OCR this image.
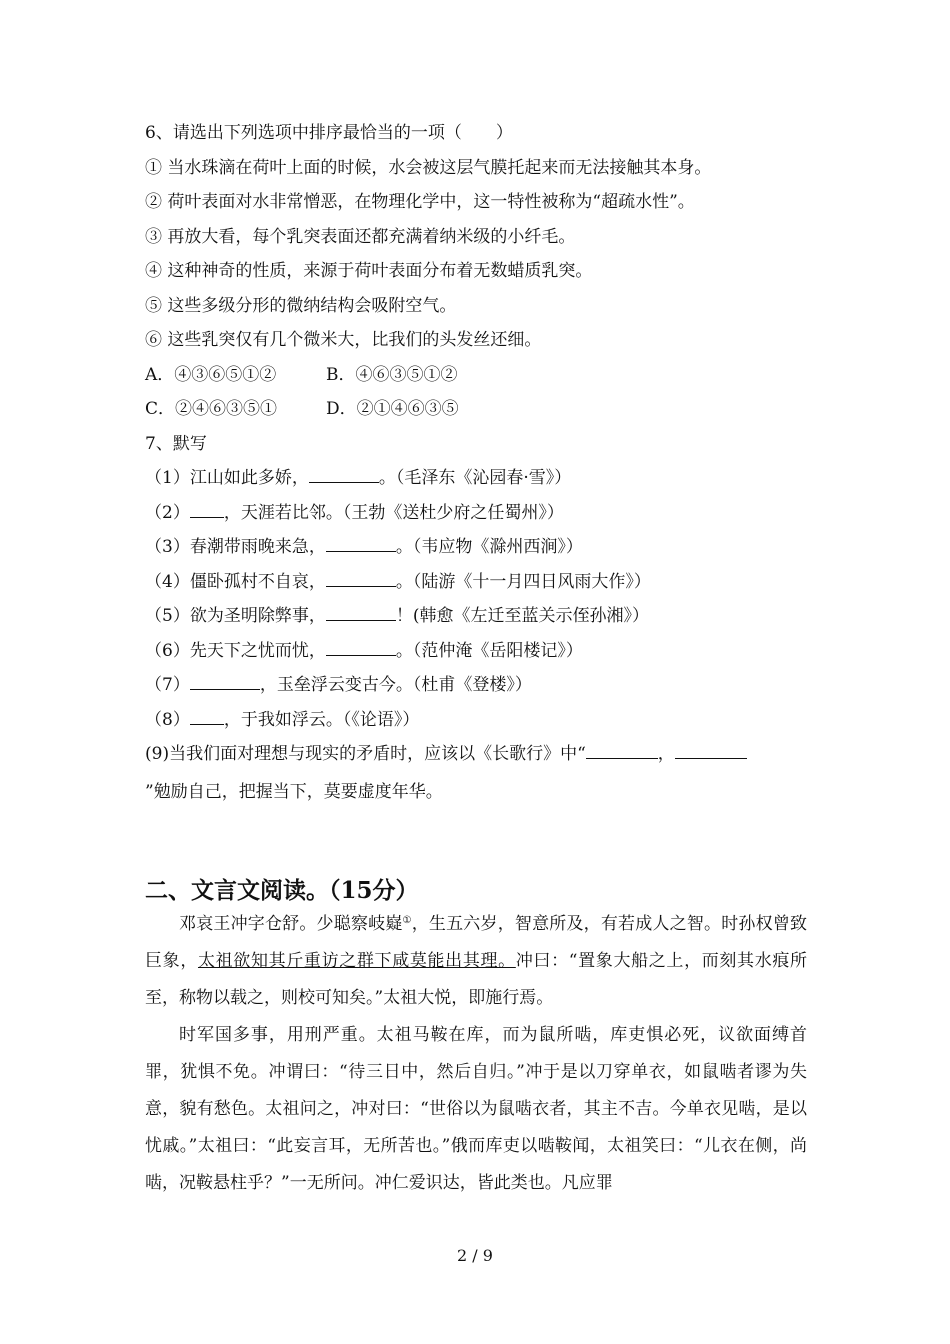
6、请选出下列选项中排序最恰当的一项（　　）
① 当水珠滴在荷叶上面的时候，水会被这层气膜托起来而无法接触其本身。
② 荷叶表面对水非常憎恶，在物理化学中，这一特性被称为“超疏水性”。
③ 再放大看，每个乳突表面还都充满着纳米级的小纤毛。
④ 这种神奇的性质，来源于荷叶表面分布着无数蜡质乳突。
⑤ 这些多级分形的微纳结构会吸附空气。
⑥ 这些乳突仅有几个微米大，比我们的头发丝还细。
A．④③⑥⑤①②	B．④⑥③⑤①②
C．②④⑥③⑤①	D．②①④⑥③⑤
7、默写
（1）江山如此多娇，	。（毛泽东《沁园春·雪》）
（2） ，天涯若比邻。（王勃《送杜少府之任蜀州》）
（3）春潮带雨晚来急，	。（韦应物《滁州西涧》）
（4）僵卧孤村不自哀，	。（陆游《十一月四日风雨大作》）
（5）欲为圣明除弊事，	！(韩愈《左迁至蓝关示侄孙湘》）
（6）先天下之忧而忧，	。（范仲淹《岳阳楼记》）
（7）	，玉垒浮云变古今。（杜甫《登楼》）
（8） ，于我如浮云。（《论语》）
(9)当我们面对理想与现实的矛盾时，应该以《长歌行》中“	，
”勉励自己，把握当下，莫要虚度年华。
二、文言文阅读。（15分）

邓哀王冲字仓舒。少聪察岐嶷①，生五六岁，智意所及，有若成人之智。时孙权曾致巨象，太祖欲知其斤重访之群下咸莫能出其理。冲曰：“置象大船之上，而刻其水痕所至，称物以载之，则校可知矣。”太祖大悦，即施行焉。

时军国多事，用刑严重。太祖马鞍在库，而为鼠所啮，库吏惧必死，议欲面缚首罪，犹惧不免。冲谓曰：“待三日中，然后自归。”冲于是以刀穿单衣，如鼠啮者谬为失意，貌有愁色。太祖问之，冲对曰：“世俗以为鼠啮衣者，其主不吉。今单衣见啮，是以忧戚。”太祖曰：“此妄言耳，无所苦也。”俄而库吏以啮鞍闻，太祖笑曰：“儿衣在侧，尚啮，况鞍悬柱乎？”一无所问。冲仁爱识达，皆此类也。凡应罪

2 / 9
